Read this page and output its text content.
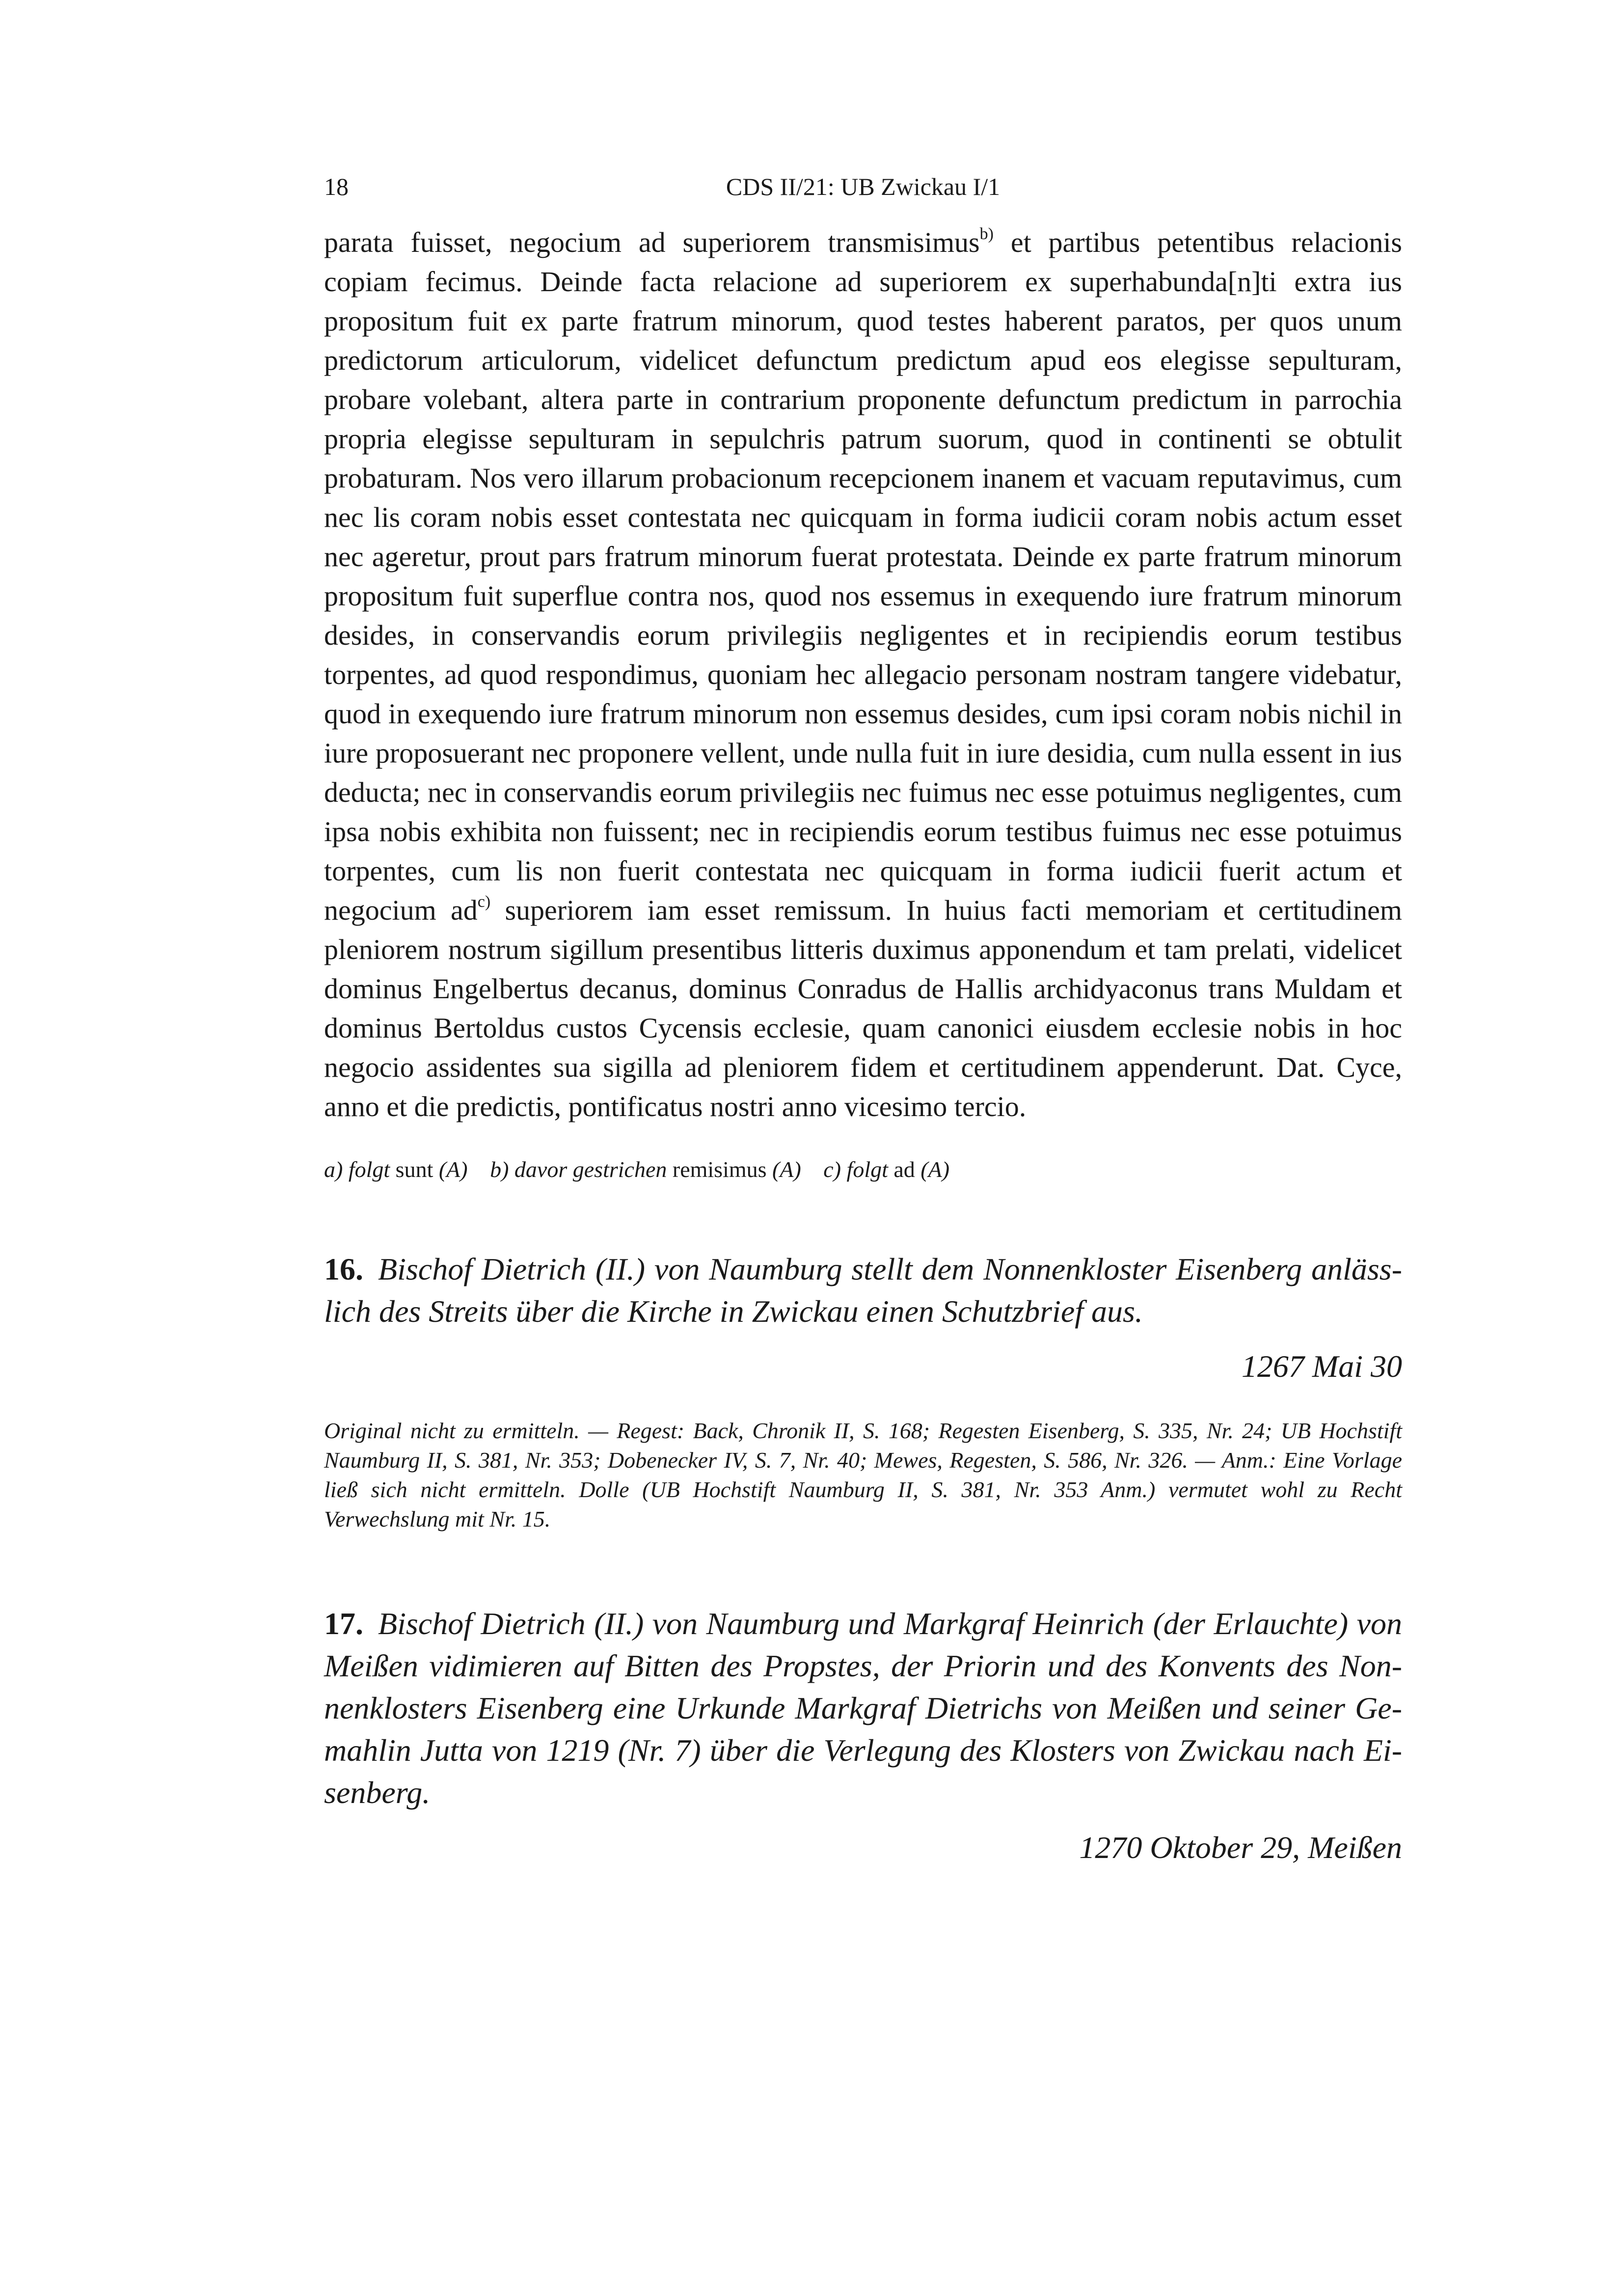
18	CDS II/21: UB Zwickau I/1

parata fuisset, negocium ad superiorem transmisimus$^{b)}$ et partibus petentibus relacionis copiam fecimus. Deinde facta relacione ad superiorem ex superhabunda[n]ti extra ius propositum fuit ex parte fratrum minorum, quod testes haberent paratos, per quos unum predictorum articulorum, videlicet defunctum predictum apud eos elegisse sepulturam, probare volebant, altera parte in contrarium proponente defunctum predictum in parrochia propria elegisse sepulturam in sepulchris patrum suorum, quod in continenti se obtulit probaturam. Nos vero illarum probacionum recepcionem inanem et vacuam reputavimus, cum nec lis coram nobis esset contestata nec quicquam in forma iudicii coram nobis actum esset nec ageretur, prout pars fratrum minorum fuerat protestata. Deinde ex parte fratrum minorum propositum fuit superflue contra nos, quod nos essemus in exequendo iure fratrum minorum desides, in conservandis eorum privilegiis negligentes et in recipiendis eorum testibus torpentes, ad quod respondimus, quoniam hec allegacio personam nostram tangere videbatur, quod in exequendo iure fratrum minorum non essemus desides, cum ipsi coram nobis nichil in iure proposuerant nec proponere vellent, unde nulla fuit in iure desidia, cum nulla essent in ius deducta; nec in conservandis eorum privilegiis nec fuimus nec esse potuimus negligentes, cum ipsa nobis exhibita non fuissent; nec in recipiendis eorum testibus fuimus nec esse potuimus torpentes, cum lis non fuerit contestata nec quicquam in forma iudicii fuerit actum et negocium $ad^{c)}$ superiorem iam esset remissum. In huius facti memoriam et certitudinem pleniorem nostrum sigillum presentibus litteris duximus apponendum et tam prelati, videlicet dominus Engelbertus decanus, dominus Conradus de Hallis archidyaconus trans Muldam et dominus Bertoldus custos Cycensis ecclesie, quam canonici eiusdem ecclesie nobis in hoc negocio assidentes sua sigilla ad pleniorem fidem et certitudinem appenderunt. Dat. Cyce, anno et die predictis, pontificatus nostri anno vicesimo tercio.

a) folgt sunt (A) b) davor gestrichen remisimus (A) c) folgt ad (A)
16. Bischof Dietrich (II.) von Naumburg stellt dem Nonnenkloster Eisenberg anlässlich des Streits über die Kirche in Zwickau einen Schutzbrief aus.
1267 Mai 30
Original nicht zu ermitteln. — Regest: Back, Chronik II, S. 168; Regesten Eisenberg, S. 335, Nr. 24; UB Hochstift Naumburg II, S. 381, Nr. 353; Dobenecker IV, S. 7, Nr. 40; Mewes, Regesten, S. 586, Nr. 326. — Anm.: Eine Vorlage ließ sich nicht ermitteln. Dolle (UB Hochstift Naumburg II, S. 381, Nr. 353 Anm.) vermutet wohl zu Recht Verwechslung mit Nr. 15.
17. Bischof Dietrich (II.) von Naumburg und Markgraf Heinrich (der Erlauchte) von Meißen vidimieren auf Bitten des Propstes, der Priorin und des Konvents des Nonnenklosters Eisenberg eine Urkunde Markgraf Dietrichs von Meißen und seiner Gemahlin Jutta von 1219 (Nr. 7) über die Verlegung des Klosters von Zwickau nach Eisenberg.
1270 Oktober 29, Meißen
